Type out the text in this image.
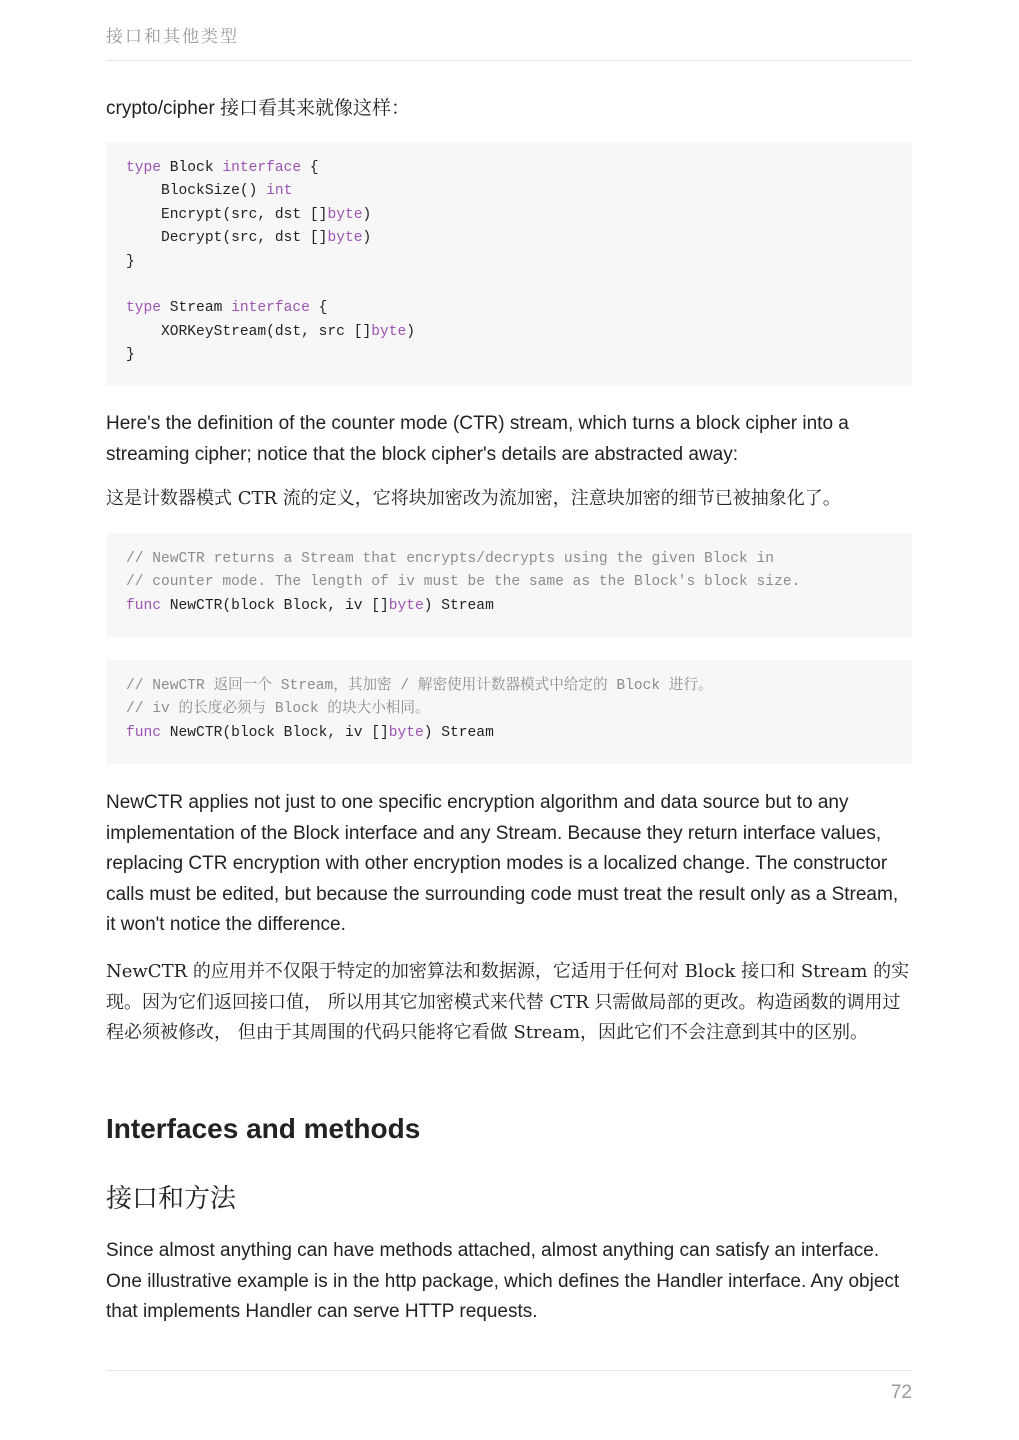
接口和其他类型

crypto/cipher 接口看其来就像这样：

type Block interface {
BlockSize() int
Encrypt(src, dst []byte)
Decrypt(src, dst []byte)
}
type Stream interface {
XORKeyStream(dst, src []byte)
}

Here's the definition of the counter mode (CTR) stream, which turns a block cipher into a streaming cipher; notice that the block cipher's details are abstracted away:

这是计数器模式 CTR 流的定义，它将块加密改为流加密，注意块加密的细节已被抽象化了。

// NewCTR returns a Stream that encrypts/decrypts using the given Block in
// counter mode. The length of iv must be the same as the Block's block size.
func NewCTR(block Block, iv []byte) Stream
// NewCTR 返回一个 Stream，其加密 / 解密使用计数器模式中给定的 Block 进行。
// iv 的长度必须与 Block 的块大小相同。
func NewCTR(block Block, iv []byte) Stream

NewCTR applies not just to one specific encryption algorithm and data source but to any implementation of the Block interface and any Stream. Because they return interface values, replacing CTR encryption with other encryption modes is a localized change. The constructor calls must be edited, but because the surrounding code must treat the result only as a Stream, it won't notice the difference.

NewCTR 的应用并不仅限于特定的加密算法和数据源，它适用于任何对 Block 接口和 Stream 的实现。因为它们返回接口值， 所以用其它加密模式来代替 CTR 只需做局部的更改。构造函数的调用过程必须被修改， 但由于其周围的代码只能将它看做 Stream，因此它们不会注意到其中的区别。

Interfaces and methods
接口和方法

Since almost anything can have methods attached, almost anything can satisfy an interface. One illustrative example is in the http package, which defines the Handler interface. Any object that implements Handler can serve HTTP requests.

72
